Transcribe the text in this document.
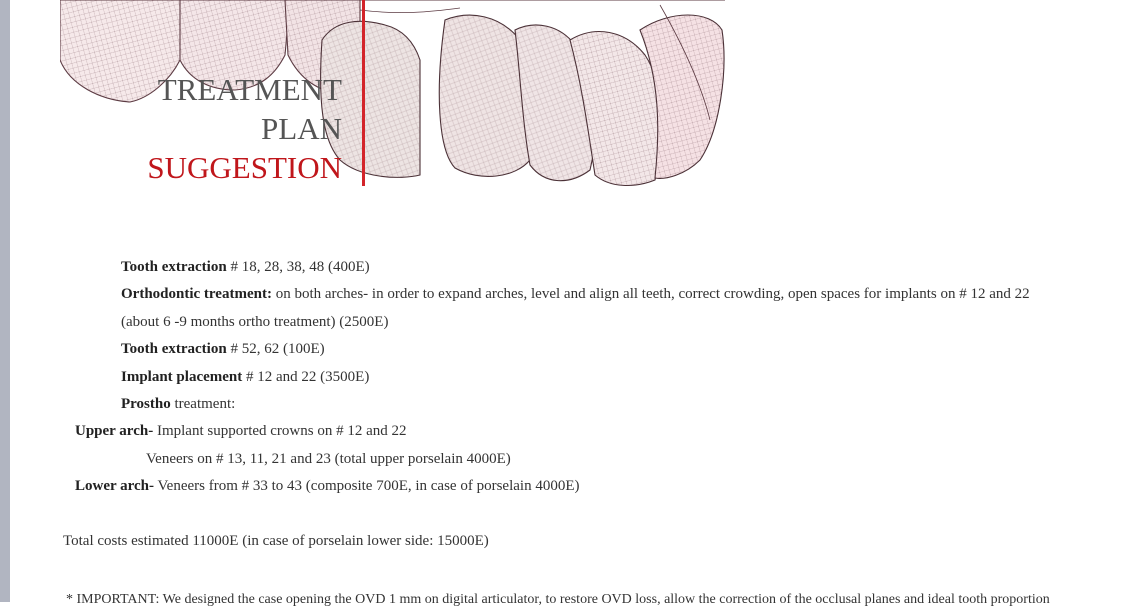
TREATMENT
PLAN
SUGGESTION
Tooth extraction # 18, 28, 38, 48 (400E)
Orthodontic treatment: on both arches- in order to expand arches, level and align all teeth, correct crowding, open spaces for implants on # 12 and 22
(about 6 -9 months ortho treatment) (2500E)
Tooth extraction # 52, 62 (100E)
Implant placement # 12 and 22 (3500E)
Prostho treatment:
Upper arch- Implant supported crowns on # 12 and 22
Veneers on # 13, 11, 21 and 23 (total upper porselain 4000E)
Lower arch- Veneers from # 33 to 43 (composite 700E, in case of porselain 4000E)
Total costs estimated 11000E (in case of porselain lower side: 15000E)
* IMPORTANT: We designed the case opening the OVD 1 mm on digital articulator, to restore OVD loss, allow the correction of the occlusal planes and ideal tooth proportion
